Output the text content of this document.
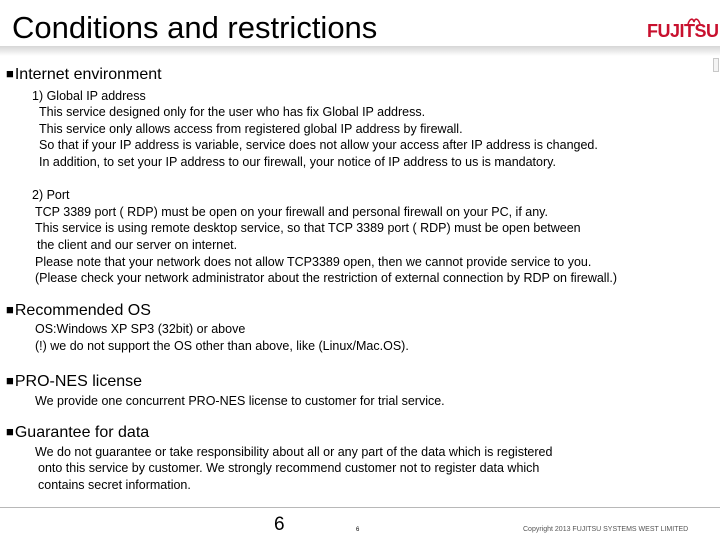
Conditions and restrictions	FUJITSU
■Internet environment
1) Global IP address
This service designed only for the user who has fix Global IP address.
This service only allows access from registered global IP address by firewall.
So that if your IP address is variable, service does not allow your access after IP address is changed.
In addition, to set your IP address to our firewall, your notice of IP address to us is mandatory.
2) Port
TCP 3389 port ( RDP) must be open on your firewall and personal firewall on your PC, if any.
This service is using remote desktop service, so that TCP 3389 port ( RDP) must be open between
the client and our server on internet.
Please note that your network does not allow TCP3389 open, then we cannot provide service to you.
(Please check your network administrator about the restriction of external connection by RDP on firewall.)
■Recommended OS
OS:Windows XP SP3 (32bit) or above
(!) we do not support the OS other than above, like (Linux/Mac.OS).
■PRO-NES license
We provide one concurrent PRO-NES license to customer for trial service.
■Guarantee for data
We do not guarantee or take responsibility about all or any part of the data which is registered
onto this service by customer. We strongly recommend customer not to register data which
contains secret information.
6	6	Copyright 2013 FUJITSU SYSTEMS WEST LIMITED
